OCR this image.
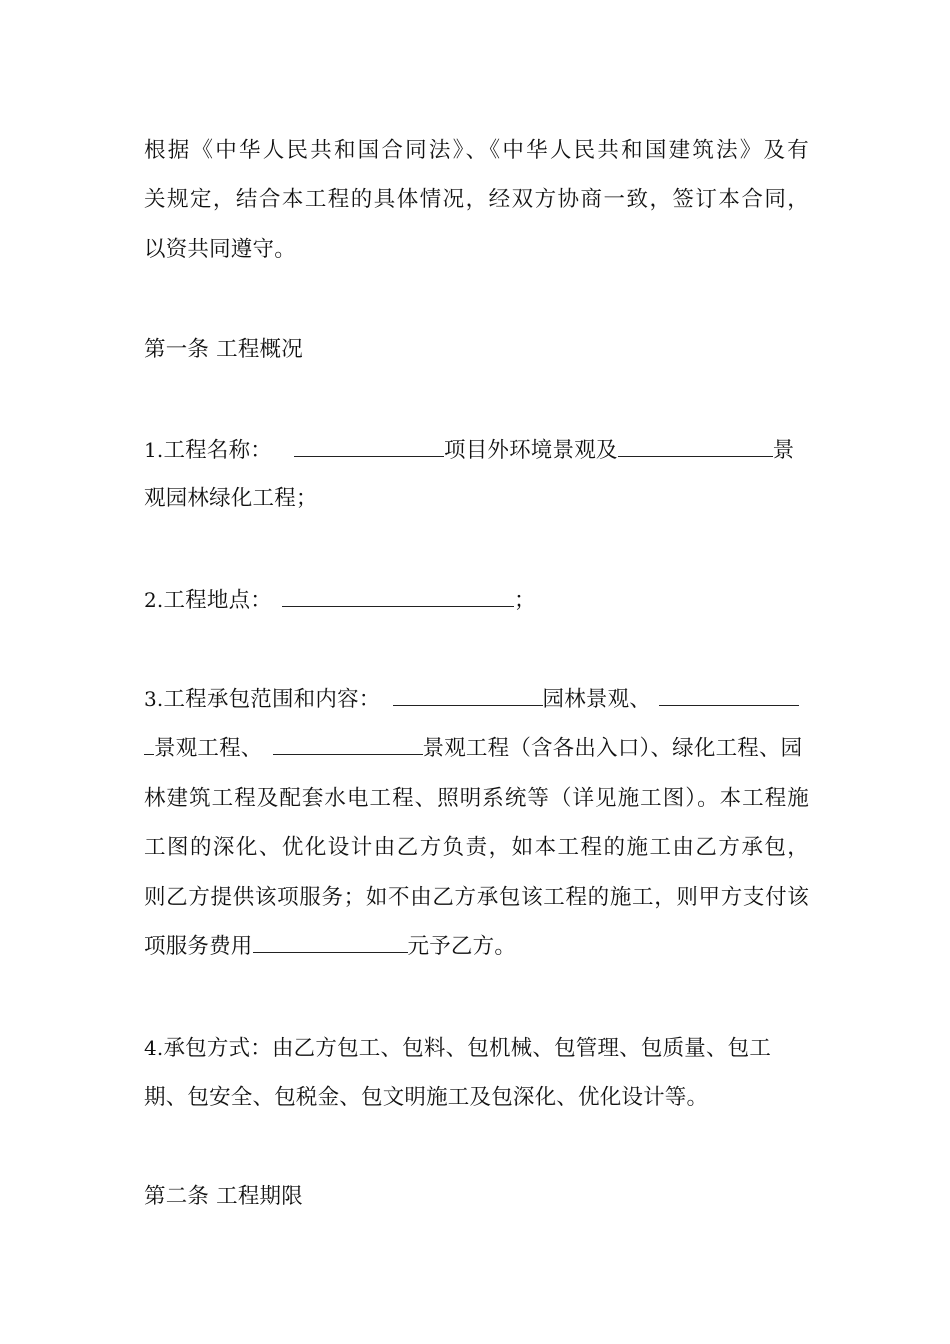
根据《中华人民共和国合同法》、《中华人民共和国建筑法》及有
关规定，结合本工程的具体情况，经双方协商一致，签订本合同，
以资共同遵守。
第一条 工程概况
1.工程名称：	项目外环境景观及	景
观园林绿化工程；
2.工程地点：	；
3.工程承包范围和内容：	园林景观、
景观工程、	景观工程（含各出入口）、绿化工程、园
林建筑工程及配套水电工程、照明系统等（详见施工图）。本工程施
工图的深化、优化设计由乙方负责，如本工程的施工由乙方承包，
则乙方提供该项服务；如不由乙方承包该工程的施工，则甲方支付该
项服务费用	元予乙方。
4.承包方式：由乙方包工、包料、包机械、包管理、包质量、包工
期、包安全、包税金、包文明施工及包深化、优化设计等。
第二条 工程期限
